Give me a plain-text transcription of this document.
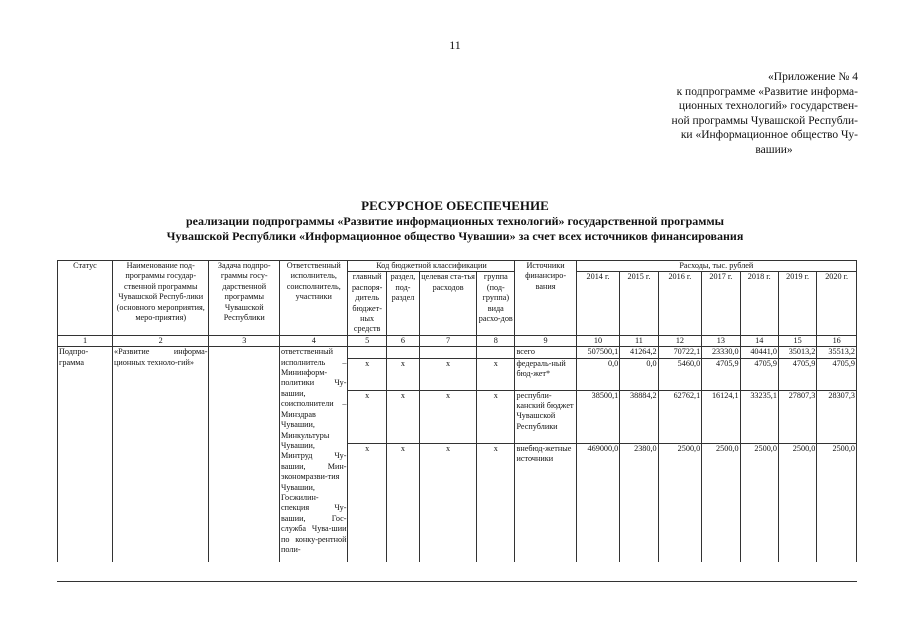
11
«Приложение № 4
к подпрограмме «Развитие информа-
ционных технологий» государствен-
ной программы Чувашской Республи-
ки «Информационное общество Чу-
вашии»
РЕСУРСНОЕ ОБЕСПЕЧЕНИЕ
реализации подпрограммы «Развитие информационных технологий» государственной программы
Чувашской Республики «Информационное общество Чувашии» за счет всех источников финансирования
Статус	Наименование под-программы государ-ственной программы Чувашской Респуб-лики (основного мероприятия, меро-приятия)	Задача подпро-граммы госу-дарственной программы Чувашской Республики	Ответственный исполнитель, соисполнитель, участники	Код бюджетной классификации				Источники финансиро-вания	Расходы, тыс. рублей						
				главный распоря-дитель бюджет-ных средств	раздел, под-раздел	целевая ста-тья расходов	группа (под-группа) вида расхо-дов		2014 г.	2015 г.	2016 г.	2017 г.	2018 г.	2019 г.	2020 г.
1	2	3	4	5	6	7	8	9	10	11	12	13	14	15	16
Подпро-грамма	«Развитие информа-ционных техноло-гий»		ответственный исполнитель – Мининформ-политики Чу-вашии, соисполнители – Минздрав Чувашии, Минкультуры Чувашии, Минтруд Чу-вашии, Мин-экономразви-тия Чувашии, Госжилин-спекция Чу-вашии, Гос-служба Чува-шии по конку-рентной поли-					всего	507500,1	41264,2	70722,1	23330,0	40441,0	35013,2	35513,2
				x	x	x	x	федераль-ный бюд-жет*	0,0	0,0	5460,0	4705,9	4705,9	4705,9	4705,9
				x	x	x	x	республи-канский бюджет Чувашской Республики	38500,1	38884,2	62762,1	16124,1	33235,1	27807,3	28307,3
				x	x	x	x	внебюд-жетные источники	469000,0	2380,0	2500,0	2500,0	2500,0	2500,0	2500,0
